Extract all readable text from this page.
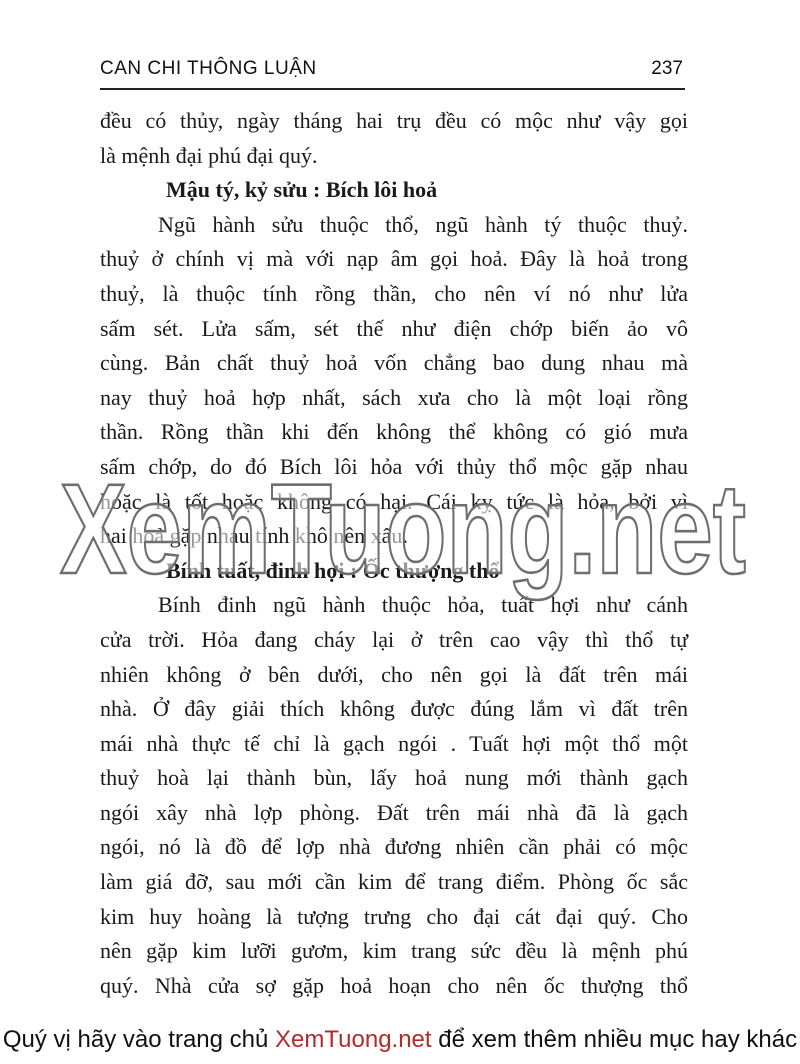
CAN CHI THÔNG LUẬN	237
đều có thủy, ngày tháng hai trụ đều có mộc như vậy gọi
là mệnh đại phú đại quý.
Mậu tý, kỷ sửu : Bích lôi hoả
Ngũ hành sửu thuộc thổ, ngũ hành tý thuộc thuỷ.
thuỷ ở chính vị mà với nạp âm gọi hoả. Đây là hoả trong
thuỷ, là thuộc tính rồng thần, cho nên ví nó như lửa
sấm sét. Lửa sấm, sét thế như điện chớp biến ảo vô
cùng. Bản chất thuỷ hoả vốn chẳng bao dung nhau mà
nay thuỷ hoả hợp nhất, sách xưa cho là một loại rồng
thần. Rồng thần khi đến không thể không có gió mưa
sấm chớp, do đó Bích lôi hỏa với thủy thổ mộc gặp nhau
hoặc là tốt hoặc không có hại. Cái kỵ tức là hỏa, bởi vì
hai hoả gặp nhau tính khô nên xấu.
Bính tuất, đinh hợi : Ốc thượng thổ
Bính đinh ngũ hành thuộc hỏa, tuất hợi như cánh
cửa trời. Hỏa đang cháy lại ở trên cao vậy thì thổ tự
nhiên không ở bên dưới, cho nên gọi là đất trên mái
nhà. Ở đây giải thích không được đúng lắm vì đất trên
mái nhà thực tế chỉ là gạch ngói . Tuất hợi một thổ một
thuỷ hoà lại thành bùn, lấy hoả nung mới thành gạch
ngói xây nhà lợp phòng. Đất trên mái nhà đã là gạch
ngói, nó là đồ để lợp nhà đương nhiên cần phải có mộc
làm giá đỡ, sau mới cần kim để trang điểm. Phòng ốc sắc
kim huy hoàng là tượng trưng cho đại cát đại quý. Cho
nên gặp kim lưỡi gươm, kim trang sức đều là mệnh phú
quý. Nhà cửa sợ gặp hoả hoạn cho nên ốc thượng thổ
XemTuong.net
Quý vị hãy vào trang chủ XemTuong.net để xem thêm nhiều mục hay khác
